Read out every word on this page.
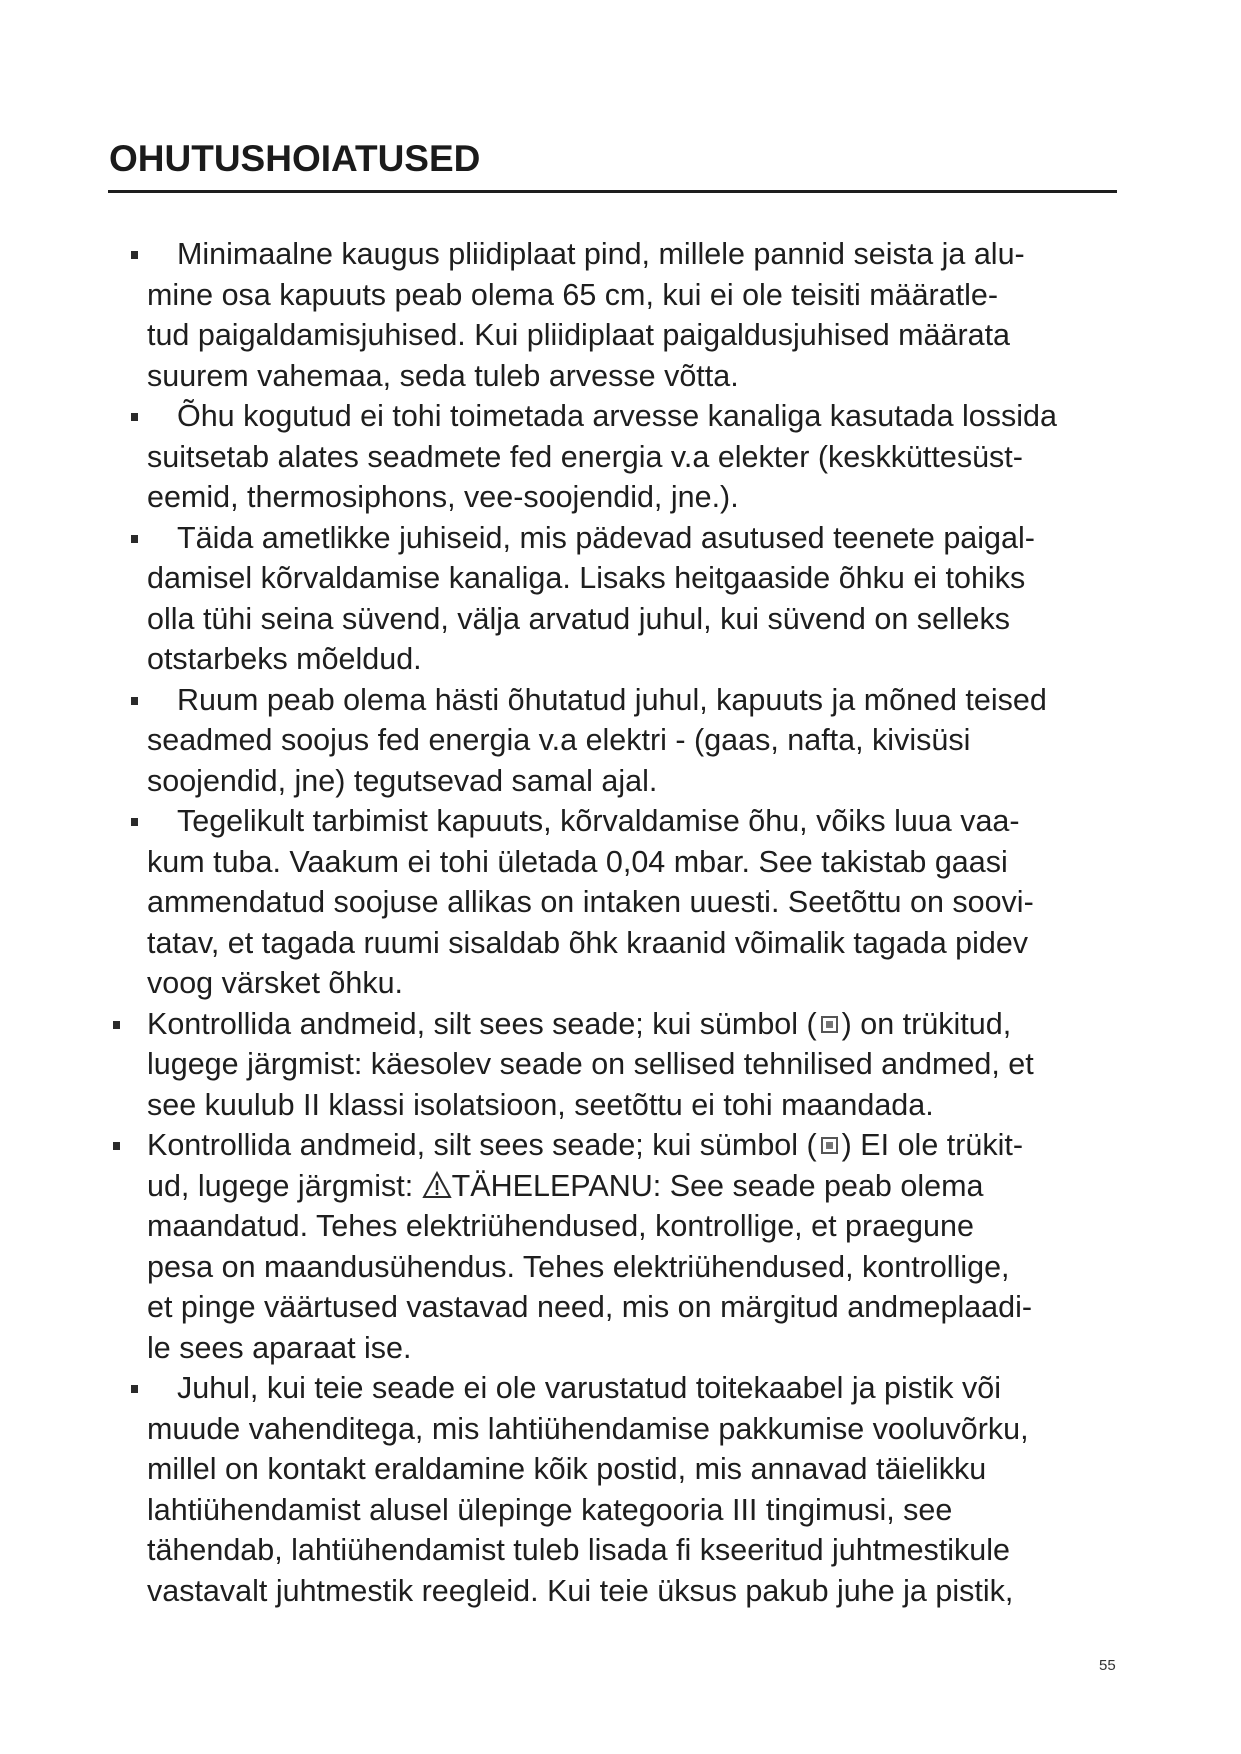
OHUTUSHOIATUSED
Minimaalne kaugus pliidiplaat pind, millele pannid seista ja alu-
mine osa kapuuts peab olema 65 cm, kui ei ole teisiti määratle-
tud paigaldamisjuhised. Kui pliidiplaat paigaldusjuhised määrata
suurem vahemaa, seda tuleb arvesse võtta.
Õhu kogutud ei tohi toimetada arvesse kanaliga kasutada lossida
suitsetab alates seadmete fed energia v.a elekter (keskküttesüst-
eemid, thermosiphons, vee-soojendid, jne.).
Täida ametlikke juhiseid, mis pädevad asutused teenete paigal-
damisel kõrvaldamise kanaliga. Lisaks heitgaaside õhku ei tohiks
olla tühi seina süvend, välja arvatud juhul, kui süvend on selleks
otstarbeks mõeldud.
Ruum peab olema hästi õhutatud juhul, kapuuts ja mõned teised
seadmed soojus fed energia v.a elektri - (gaas, nafta, kivisüsi
soojendid, jne) tegutsevad samal ajal.
Tegelikult tarbimist kapuuts, kõrvaldamise õhu, võiks luua vaa-
kum tuba. Vaakum ei tohi ületada 0,04 mbar. See takistab gaasi
ammendatud soojuse allikas on intaken uuesti. Seetõttu on soovi-
tatav, et tagada ruumi sisaldab õhk kraanid võimalik tagada pidev
voog värsket õhku.
Kontrollida andmeid, silt sees seade; kui sümbol ( ) on trükitud,
lugege järgmist: käesolev seade on sellised tehnilised andmed, et
see kuulub II klassi isolatsioon, seetõttu ei tohi maandada.
Kontrollida andmeid, silt sees seade; kui sümbol ( ) EI ole trükit-
ud, lugege järgmist: TÄHELEPANU: See seade peab olema
maandatud. Tehes elektriühendused, kontrollige, et praegune
pesa on maandusühendus. Tehes elektriühendused, kontrollige,
et pinge väärtused vastavad need, mis on märgitud andmeplaadi-
le sees aparaat ise.
Juhul, kui teie seade ei ole varustatud toitekaabel ja pistik või
muude vahenditega, mis lahtiühendamise pakkumise vooluvõrku,
millel on kontakt eraldamine kõik postid, mis annavad täielikku
lahtiühendamist alusel ülepinge kategooria III tingimusi, see
tähendab, lahtiühendamist tuleb lisada fi kseeritud juhtmestikule
vastavalt juhtmestik reegleid. Kui teie üksus pakub juhe ja pistik,
55
